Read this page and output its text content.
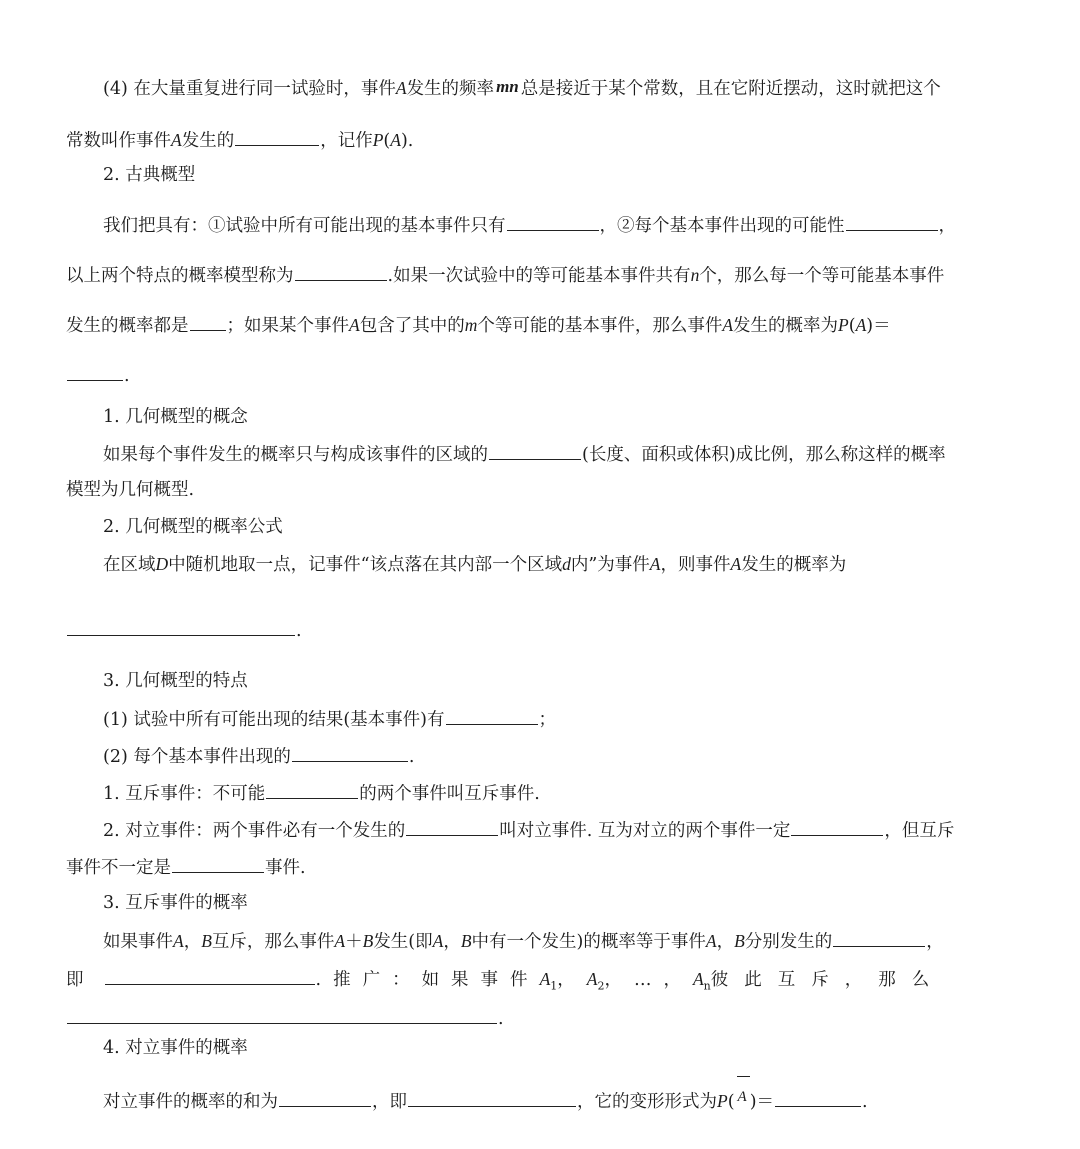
(4) 在大量重复进行同一试验时，事件A发生的频率 mn 总是接近于某个常数，且在它附近摆动，这时就把这个
常数叫作事件A发生的	，记作P(A).
2. 古典概型
我们把具有：①试验中所有可能出现的基本事件只有	，②每个基本事件出现的可能性	，
以上两个特点的概率模型称为	.如果一次试验中的等可能基本事件共有n个，那么每一个等可能基本事件
发生的概率都是 ；如果某个事件A包含了其中的m个等可能的基本事件，那么事件A发生的概率为P(A)＝
.
1. 几何概型的概念
如果每个事件发生的概率只与构成该事件的区域的	(长度、面积或体积)成比例，那么称这样的概率
模型为几何概型.
2. 几何概型的概率公式
在区域D中随机地取一点，记事件“该点落在其内部一个区域d内”为事件A，则事件A发生的概率为
.
3. 几何概型的特点
(1) 试验中所有可能出现的结果(基本事件)有	；
(2) 每个基本事件出现的	.
1. 互斥事件：不可能	的两个事件叫互斥事件.
2. 对立事件：两个事件必有一个发生的	叫对立事件. 互为对立的两个事件一定	，但互斥
事件不一定是	事件.
3. 互斥事件的概率
如果事件A，B互斥，那么事件A＋B发生(即A，B中有一个发生)的概率等于事件A，B分别发生的	，
即	.推广：如果事件$A_1$，$A_2$，…，$A_n$彼此互斥，那么
.
4. 对立事件的概率
对立事件的概率的和为	，即	，它的变形形式为P( A )＝	.
